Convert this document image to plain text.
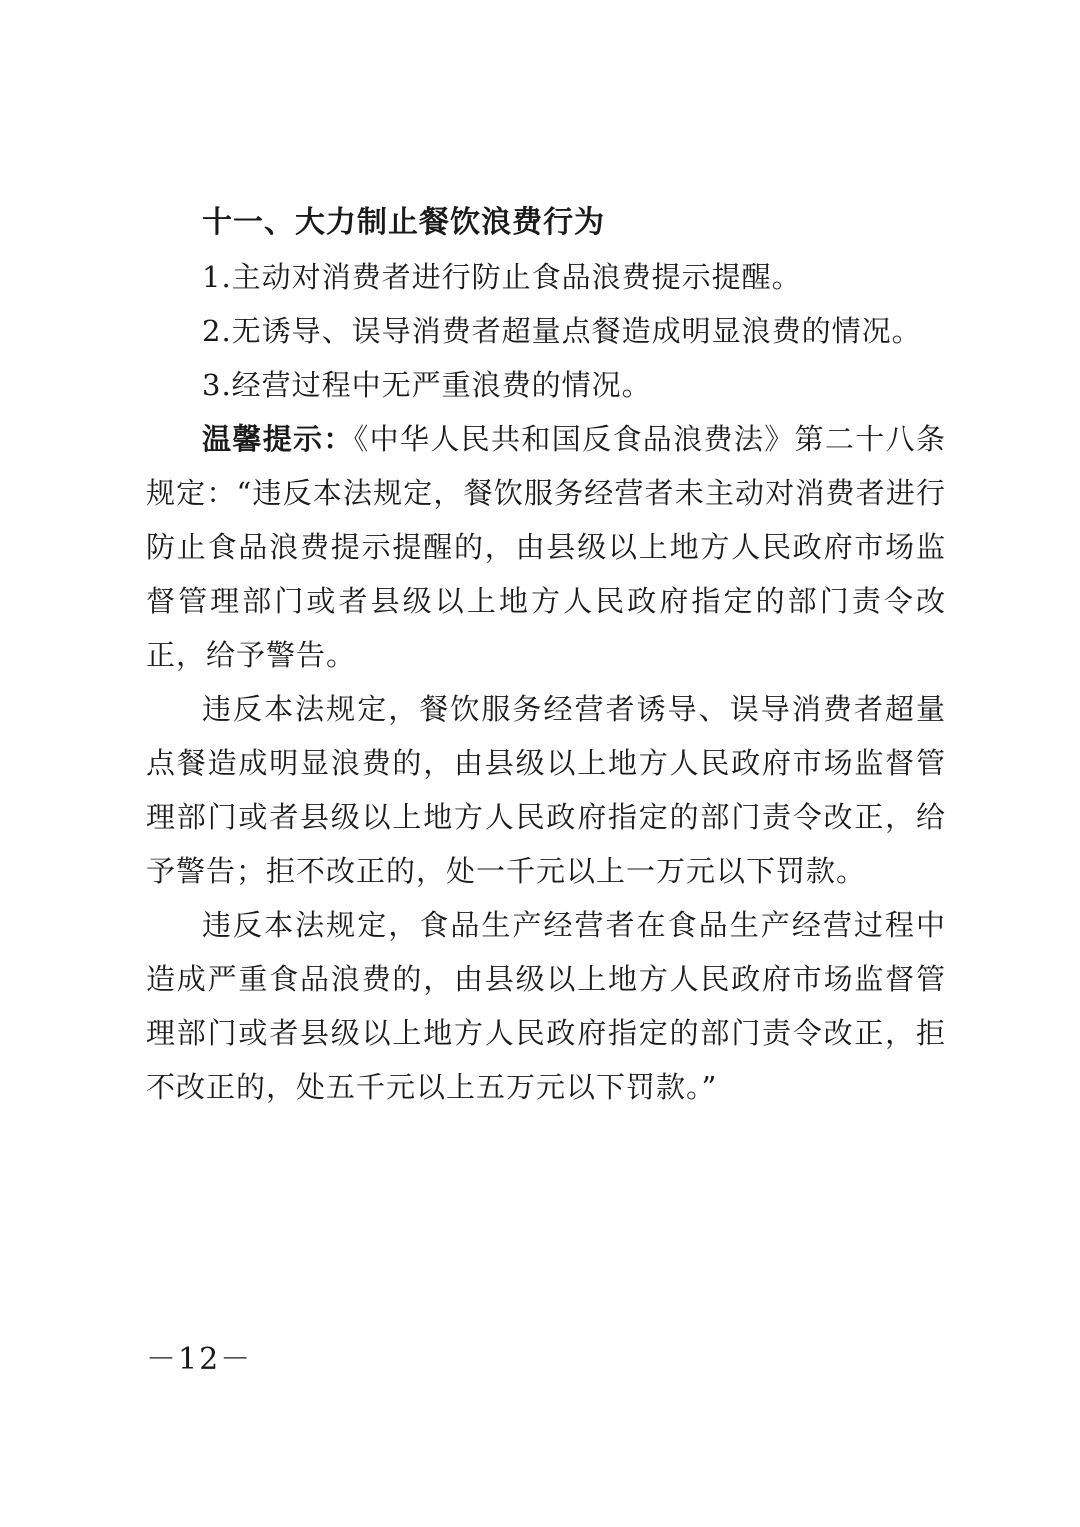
十一、大力制止餐饮浪费行为

1.主动对消费者进行防止食品浪费提示提醒。

2.无诱导、误导消费者超量点餐造成明显浪费的情况。

3.经营过程中无严重浪费的情况。

温馨提示：《中华人民共和国反食品浪费法》第二十八条规定：“违反本法规定，餐饮服务经营者未主动对消费者进行防止食品浪费提示提醒的，由县级以上地方人民政府市场监督管理部门或者县级以上地方人民政府指定的部门责令改正，给予警告。

违反本法规定，餐饮服务经营者诱导、误导消费者超量点餐造成明显浪费的，由县级以上地方人民政府市场监督管理部门或者县级以上地方人民政府指定的部门责令改正，给予警告；拒不改正的，处一千元以上一万元以下罚款。

违反本法规定，食品生产经营者在食品生产经营过程中造成严重食品浪费的，由县级以上地方人民政府市场监督管理部门或者县级以上地方人民政府指定的部门责令改正，拒不改正的，处五千元以上五万元以下罚款。”

－12－
